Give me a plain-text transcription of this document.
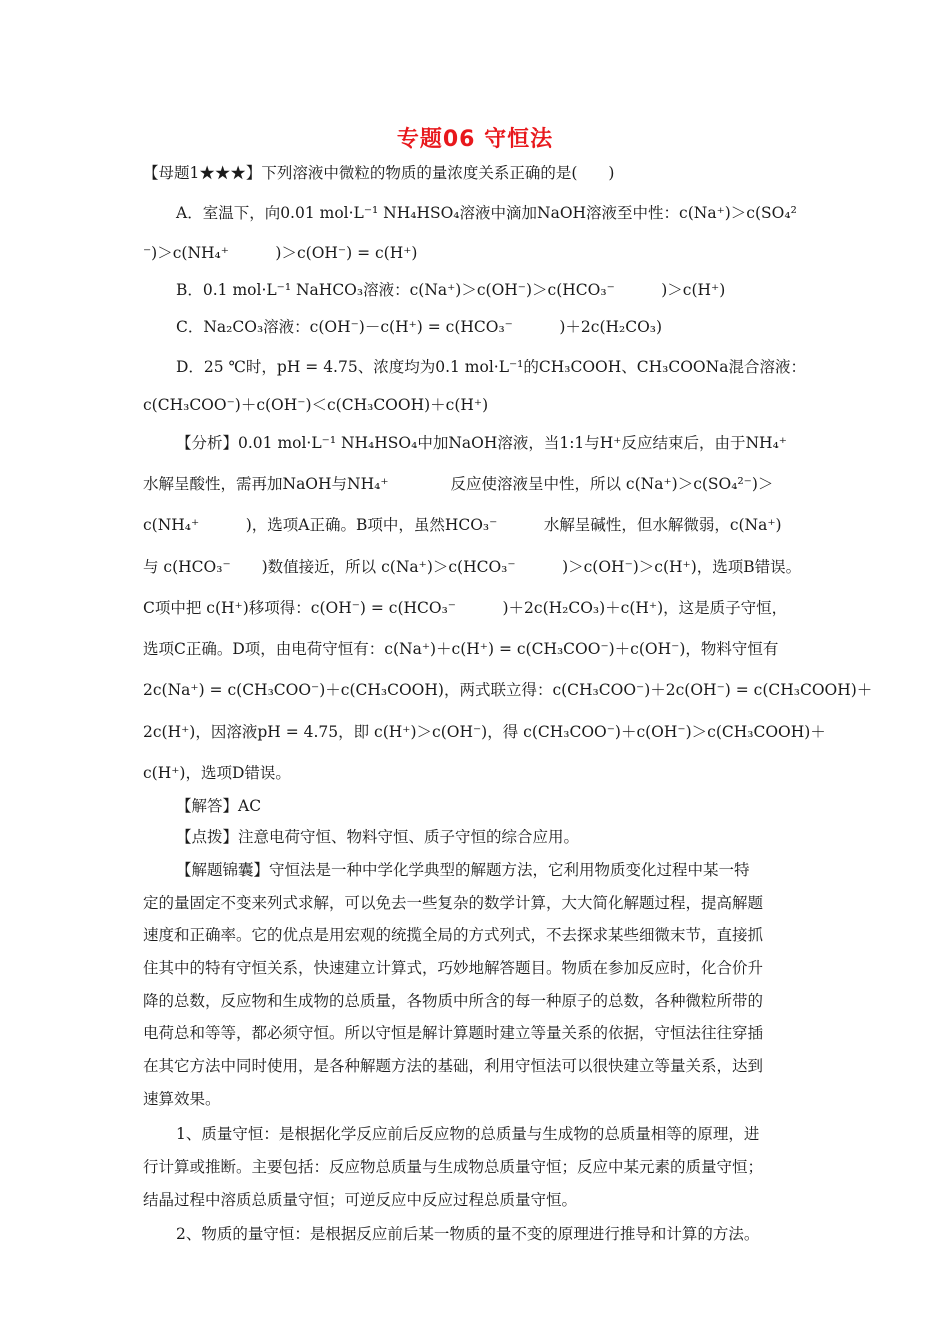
专题06 守恒法
【母题1★★★】下列溶液中微粒的物质的量浓度关系正确的是(　　)
A．室温下，向0.01 mol·L⁻¹ NH₄HSO₄溶液中滴加NaOH溶液至中性：c(Na⁺)＞c(SO₄²
⁻)＞c(NH₄⁺　　　)＞c(OH⁻) = c(H⁺)
B．0.1 mol·L⁻¹ NaHCO₃溶液：c(Na⁺)＞c(OH⁻)＞c(HCO₃⁻　　　)＞c(H⁺)
C．Na₂CO₃溶液：c(OH⁻)－c(H⁺) = c(HCO₃⁻　　　)＋2c(H₂CO₃)
D．25 ℃时，pH = 4.75、浓度均为0.1 mol·L⁻¹的CH₃COOH、CH₃COONa混合溶液：
c(CH₃COO⁻)＋c(OH⁻)＜c(CH₃COOH)＋c(H⁺)
【分析】0.01 mol·L⁻¹ NH₄HSO₄中加NaOH溶液，当1:1与H⁺反应结束后，由于NH₄⁺
水解呈酸性，需再加NaOH与NH₄⁺　　　　反应使溶液呈中性，所以 c(Na⁺)＞c(SO₄²⁻)＞
c(NH₄⁺　　　)，选项A正确。B项中，虽然HCO₃⁻　　　水解呈碱性，但水解微弱，c(Na⁺)
与 c(HCO₃⁻　　)数值接近，所以 c(Na⁺)＞c(HCO₃⁻　　　)＞c(OH⁻)＞c(H⁺)，选项B错误。
C项中把 c(H⁺)移项得：c(OH⁻) = c(HCO₃⁻　　　)＋2c(H₂CO₃)＋c(H⁺)，这是质子守恒，
选项C正确。D项，由电荷守恒有：c(Na⁺)＋c(H⁺) = c(CH₃COO⁻)＋c(OH⁻)，物料守恒有
2c(Na⁺) = c(CH₃COO⁻)＋c(CH₃COOH)，两式联立得：c(CH₃COO⁻)＋2c(OH⁻) = c(CH₃COOH)＋
2c(H⁺)，因溶液pH = 4.75，即 c(H⁺)＞c(OH⁻)，得 c(CH₃COO⁻)＋c(OH⁻)＞c(CH₃COOH)＋
c(H⁺)，选项D错误。
【解答】AC
【点拨】注意电荷守恒、物料守恒、质子守恒的综合应用。
【解题锦囊】守恒法是一种中学化学典型的解题方法，它利用物质变化过程中某一特
定的量固定不变来列式求解，可以免去一些复杂的数学计算，大大简化解题过程，提高解题
速度和正确率。它的优点是用宏观的统揽全局的方式列式，不去探求某些细微末节，直接抓
住其中的特有守恒关系，快速建立计算式，巧妙地解答题目。物质在参加反应时，化合价升
降的总数，反应物和生成物的总质量，各物质中所含的每一种原子的总数，各种微粒所带的
电荷总和等等，都必须守恒。所以守恒是解计算题时建立等量关系的依据，守恒法往往穿插
在其它方法中同时使用，是各种解题方法的基础，利用守恒法可以很快建立等量关系，达到
速算效果。
1、质量守恒：是根据化学反应前后反应物的总质量与生成物的总质量相等的原理，进
行计算或推断。主要包括：反应物总质量与生成物总质量守恒；反应中某元素的质量守恒；
结晶过程中溶质总质量守恒；可逆反应中反应过程总质量守恒。
2、物质的量守恒：是根据反应前后某一物质的量不变的原理进行推导和计算的方法。
